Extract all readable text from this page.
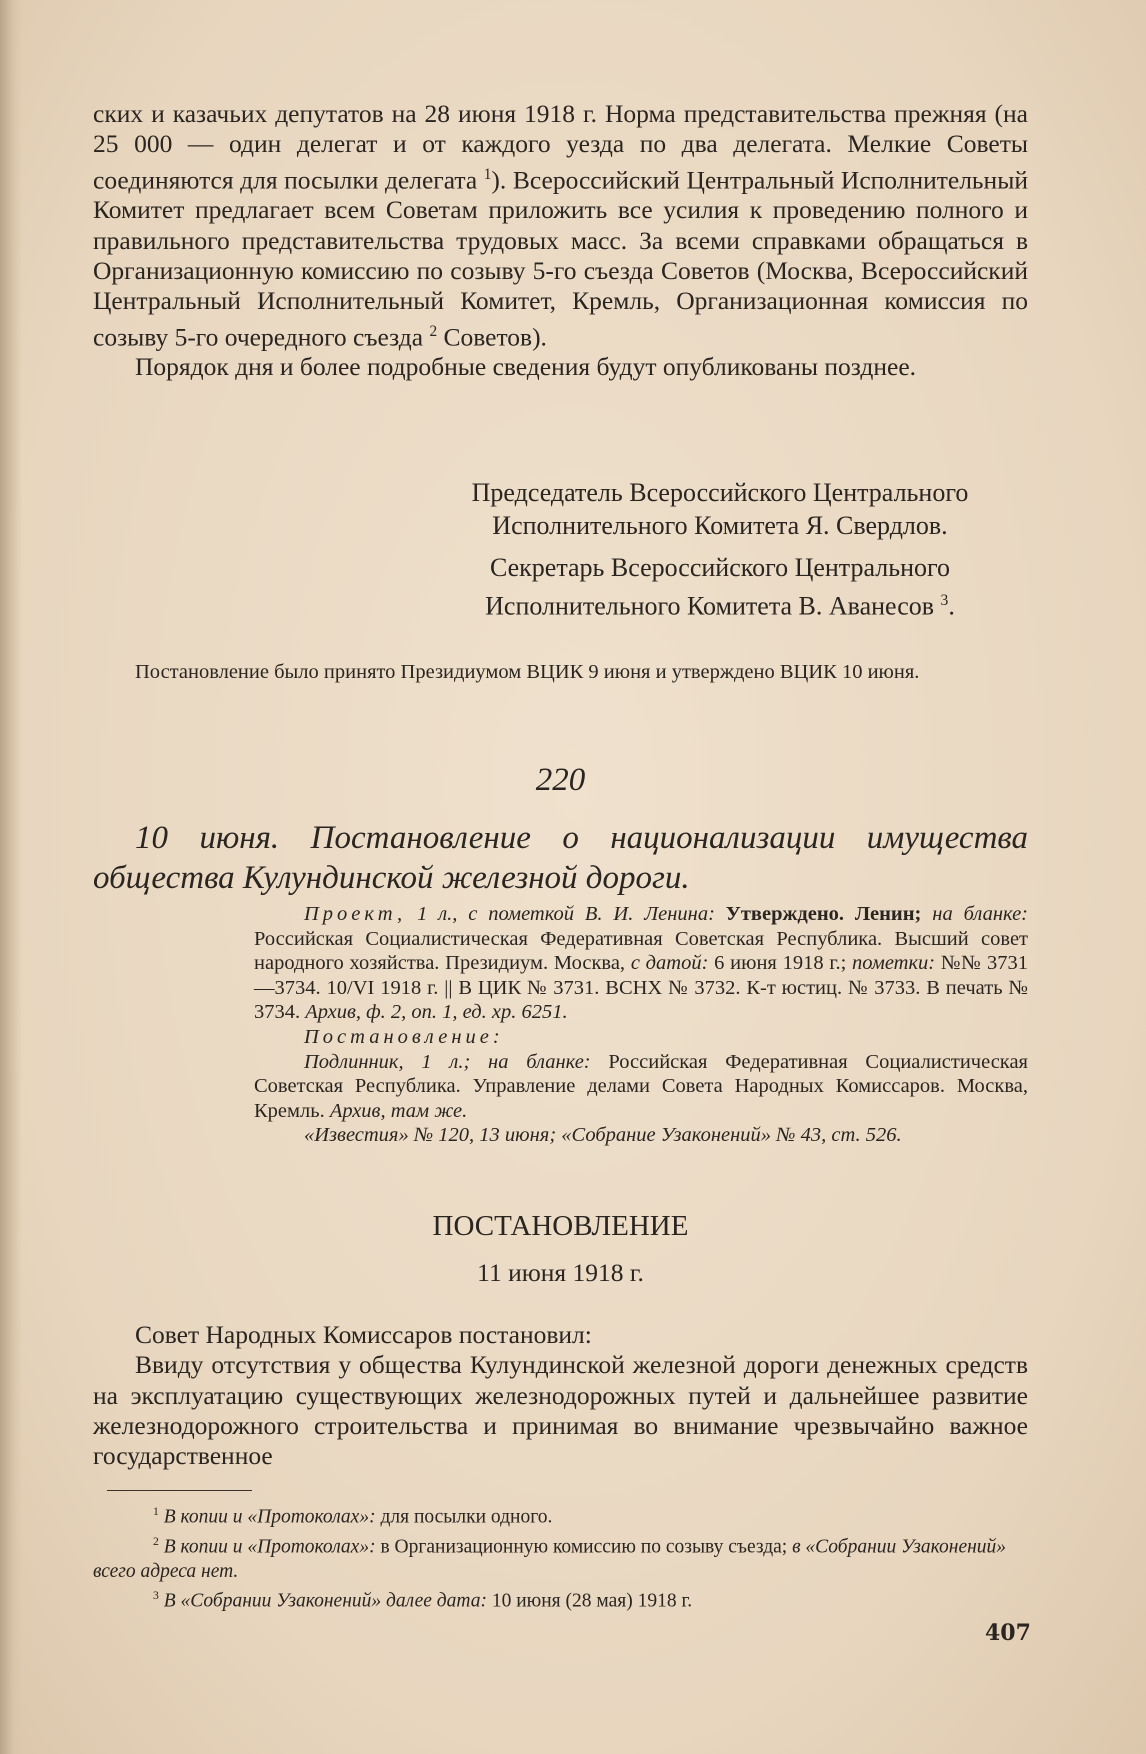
ских и казачьих депутатов на 28 июня 1918 г. Норма представительства прежняя (на 25 000 — один делегат и от каждого уезда по два делегата. Мелкие Советы соединяются для посылки делегата $^1$). Всероссийский Центральный Исполнительный Комитет предлагает всем Советам приложить все усилия к проведению полного и правильного представительства трудовых масс. За всеми справками обращаться в Организационную комиссию по созыву 5-го съезда Советов (Москва, Всероссийский Центральный Исполнительный Комитет, Кремль, Организационная комиссия по созыву 5-го очередного съезда $^2$ Советов).

Порядок дня и более подробные сведения будут опубликованы позднее.

Председатель Всероссийского Центрального
Исполнительного Комитета Я. Свердлов.
Секретарь Всероссийского Центрального
Исполнительного Комитета В. Аванесов $^3$.

Постановление было принято Президиумом ВЦИК 9 июня и утверждено ВЦИК 10 июня.

220

10 июня. Постановление о национализации имущества общества Кулундинской железной дороги.

Проект, 1 л., с пометкой В. И. Ленина: Утверждено. Ленин; на бланке: Российская Социалистическая Федеративная Советская Республика. Высший совет народного хозяйства. Президиум. Москва, с датой: 6 июня 1918 г.; пометки: №№ 3731—3734. 10/VI 1918 г. || В ЦИК № 3731. ВСНХ № 3732. К-т юстиц. № 3733. В печать № 3734. Архив, ф. 2, оп. 1, ед. хр. 6251.
Постановление:
Подлинник, 1 л.; на бланке: Российская Федеративная Социалистическая Советская Республика. Управление делами Совета Народных Комиссаров. Москва, Кремль. Архив, там же.
«Известия» № 120, 13 июня; «Собрание Узаконений» № 43, ст. 526.
ПОСТАНОВЛЕНИЕ
11 июня 1918 г.

Совет Народных Комиссаров постановил:

Ввиду отсутствия у общества Кулундинской железной дороги денежных средств на эксплуатацию существующих железнодорожных путей и дальнейшее развитие железнодорожного строительства и принимая во внимание чрезвычайно важное государственное

$^1$ В копии и «Протоколах»: для посылки одного.

$^2$ В копии и «Протоколах»: в Организационную комиссию по созыву съезда; в «Собрании Узаконений» всего адреса нет.

$^3$ В «Собрании Узаконений» далее дата: 10 июня (28 мая) 1918 г.

407
